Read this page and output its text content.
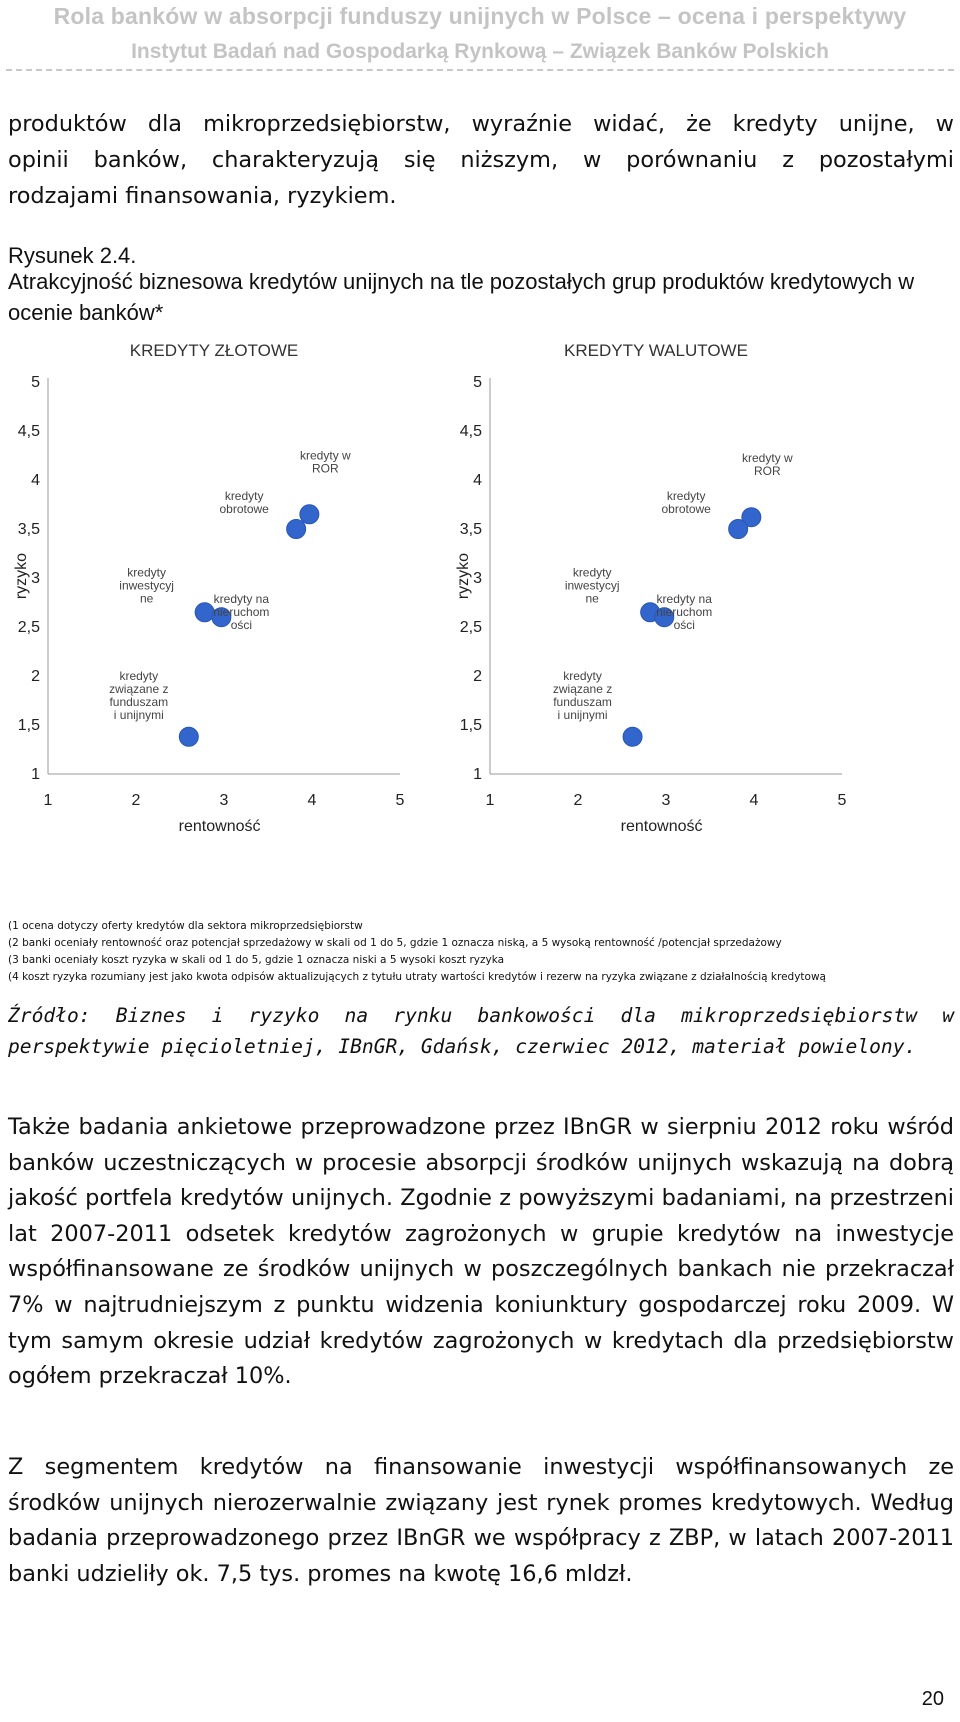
Rola banków w absorpcji funduszy unijnych w Polsce – ocena i perspektywy
Instytut Badań nad Gospodarką Rynkową – Związek Banków Polskich
produktów dla mikroprzedsiębiorstw, wyraźnie widać, że kredyty unijne, w
opinii banków, charakteryzują się niższym, w porównaniu z pozostałymi
rodzajami finansowania, ryzykiem.
Rysunek 2.4.
Atrakcyjność biznesowa kredytów unijnych na tle pozostałych grup produktów kredytowych w ocenie banków*
KREDYTY ZŁOTOWE
1
1,5
2
2,5
3
3,5
4
4,5
5
1	2	3	4	5
rentowność
ryzyko
kredyty w
ROR
kredyty
obrotowe
kredyty
inwestycyj
ne	kredyty na
nieruchom
ości
kredyty
związane z
funduszam
i unijnymi
KREDYTY WALUTOWE
1
1,5
2
2,5
3
3,5
4
4,5
5
1	2	3	4	5
rentowność
ryzyko
kredyty w
ROR
kredyty
obrotowe
kredyty
inwestycyj
ne	kredyty na
nieruchom
ości
kredyty
związane z
funduszam
i unijnymi
(1 ocena dotyczy oferty kredytów dla sektora mikroprzedsiębiorstw
(2 banki oceniały rentowność oraz potencjał sprzedażowy w skali od 1 do 5, gdzie 1 oznacza niską, a 5 wysoką rentowność /potencjał sprzedażowy
(3 banki oceniały koszt ryzyka w skali od 1 do 5, gdzie 1 oznacza niski a 5 wysoki koszt ryzyka
(4 koszt ryzyka rozumiany jest jako kwota odpisów aktualizujących z tytułu utraty wartości kredytów i rezerw na ryzyka związane z działalnością kredytową
Źródło: Biznes i ryzyko na rynku bankowości dla mikroprzedsiębiorstw w perspektywie pięcioletniej, IBnGR, Gdańsk, czerwiec 2012, materiał powielony.

Także badania ankietowe przeprowadzone przez IBnGR w sierpniu 2012 roku wśród banków uczestniczących w procesie absorpcji środków unijnych wskazują na dobrą jakość portfela kredytów unijnych. Zgodnie z powyższymi badaniami, na przestrzeni lat 2007-2011 odsetek kredytów zagrożonych w grupie kredytów na inwestycje współfinansowane ze środków unijnych w poszczególnych bankach nie przekraczał 7% w najtrudniejszym z punktu widzenia koniunktury gospodarczej roku 2009. W tym samym okresie udział kredytów zagrożonych w kredytach dla przedsiębiorstw ogółem przekraczał 10%.

Z segmentem kredytów na finansowanie inwestycji współfinansowanych ze środków unijnych nierozerwalnie związany jest rynek promes kredytowych. Według badania przeprowadzonego przez IBnGR we współpracy z ZBP, w latach 2007-2011 banki udzieliły ok. 7,5 tys. promes na kwotę 16,6 mldzł.

20
